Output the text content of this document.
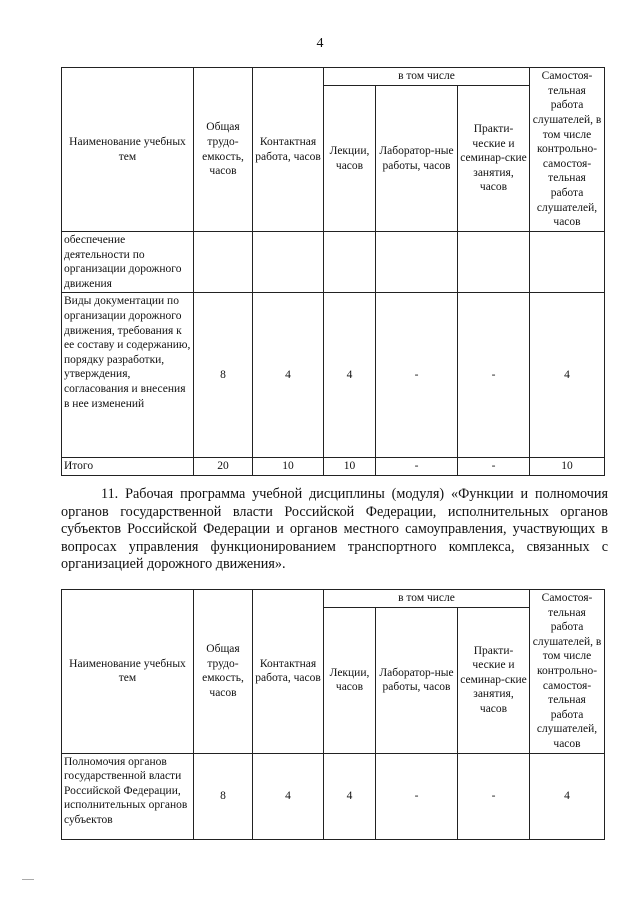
4
Наименование учебных тем	Общая трудо-емкость, часов	Контактная работа, часов	в том числе			Самостоя-тельная работа слушателей, в том числе контрольно-самостоя-тельная работа слушателей, часов
			Лекции, часов	Лаборатор-ные работы, часов	Практи-ческие и семинар-ские занятия, часов	
обеспечение деятельности по организации дорожного движения						
Виды документации по организации дорожного движения, требования к ее составу и содержанию, порядку разработки, утверждения, согласования и внесения в нее изменений	8	4	4	-	-	4
Итого	20	10	10	-	-	10
11. Рабочая программа учебной дисциплины (модуля) «Функции и полномочия органов государственной власти Российской Федерации, исполнительных органов субъектов Российской Федерации и органов местного самоуправления, участвующих в вопросах управления функционированием транспортного комплекса, связанных с организацией дорожного движения».
Наименование учебных тем	Общая трудо-емкость, часов	Контактная работа, часов	в том числе			Самостоя-тельная работа слушателей, в том числе контрольно-самостоя-тельная работа слушателей, часов
			Лекции, часов	Лаборатор-ные работы, часов	Практи-ческие и семинар-ские занятия, часов	
Полномочия органов государственной власти Российской Федерации, исполнительных органов субъектов	8	4	4	-	-	4
